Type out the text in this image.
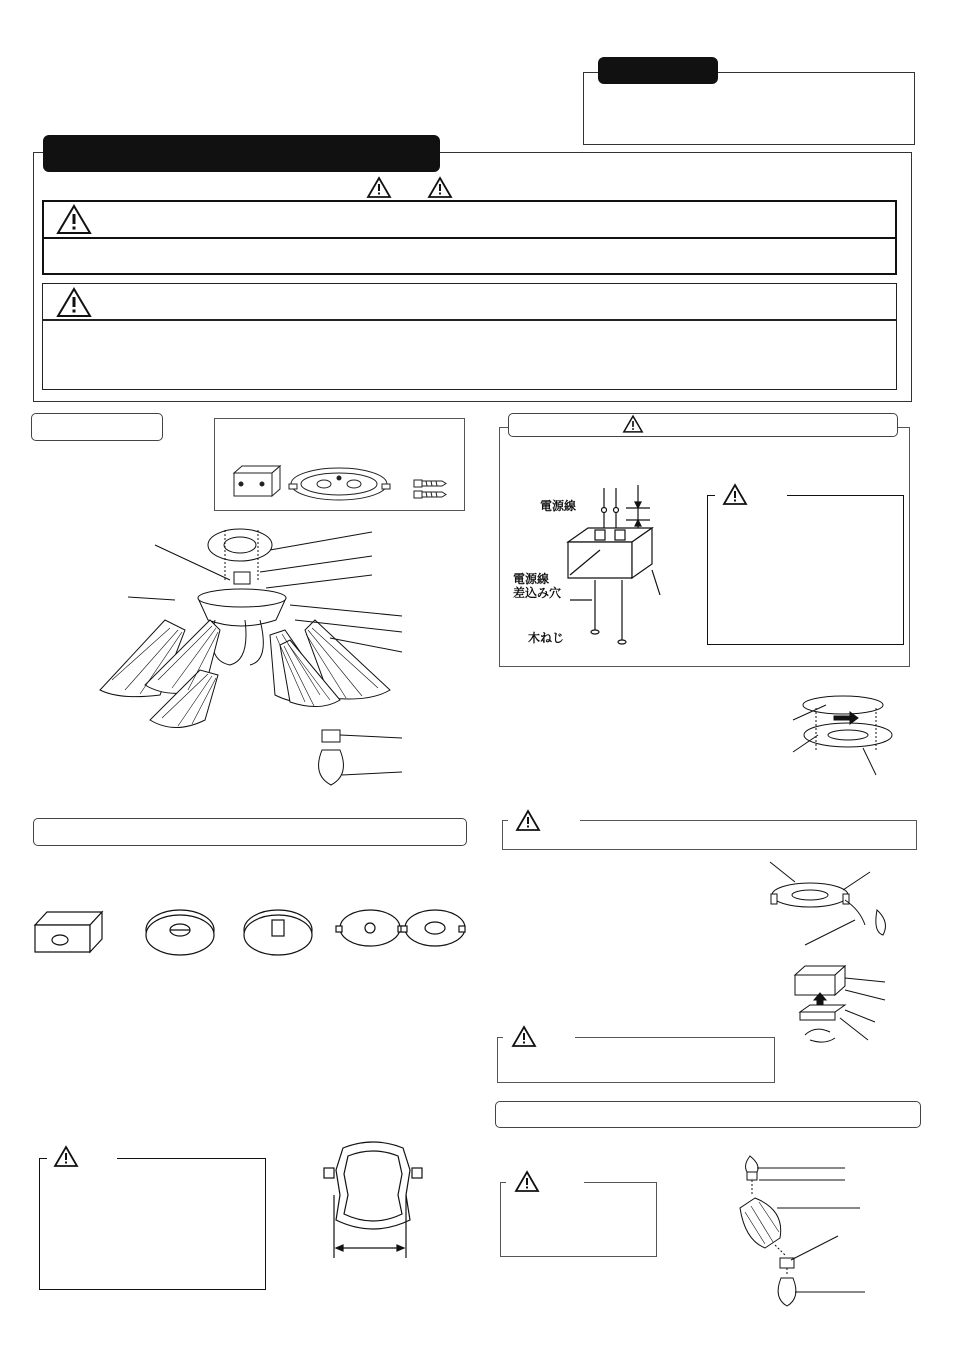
電源線
電源線
差込み穴
木ねじ
